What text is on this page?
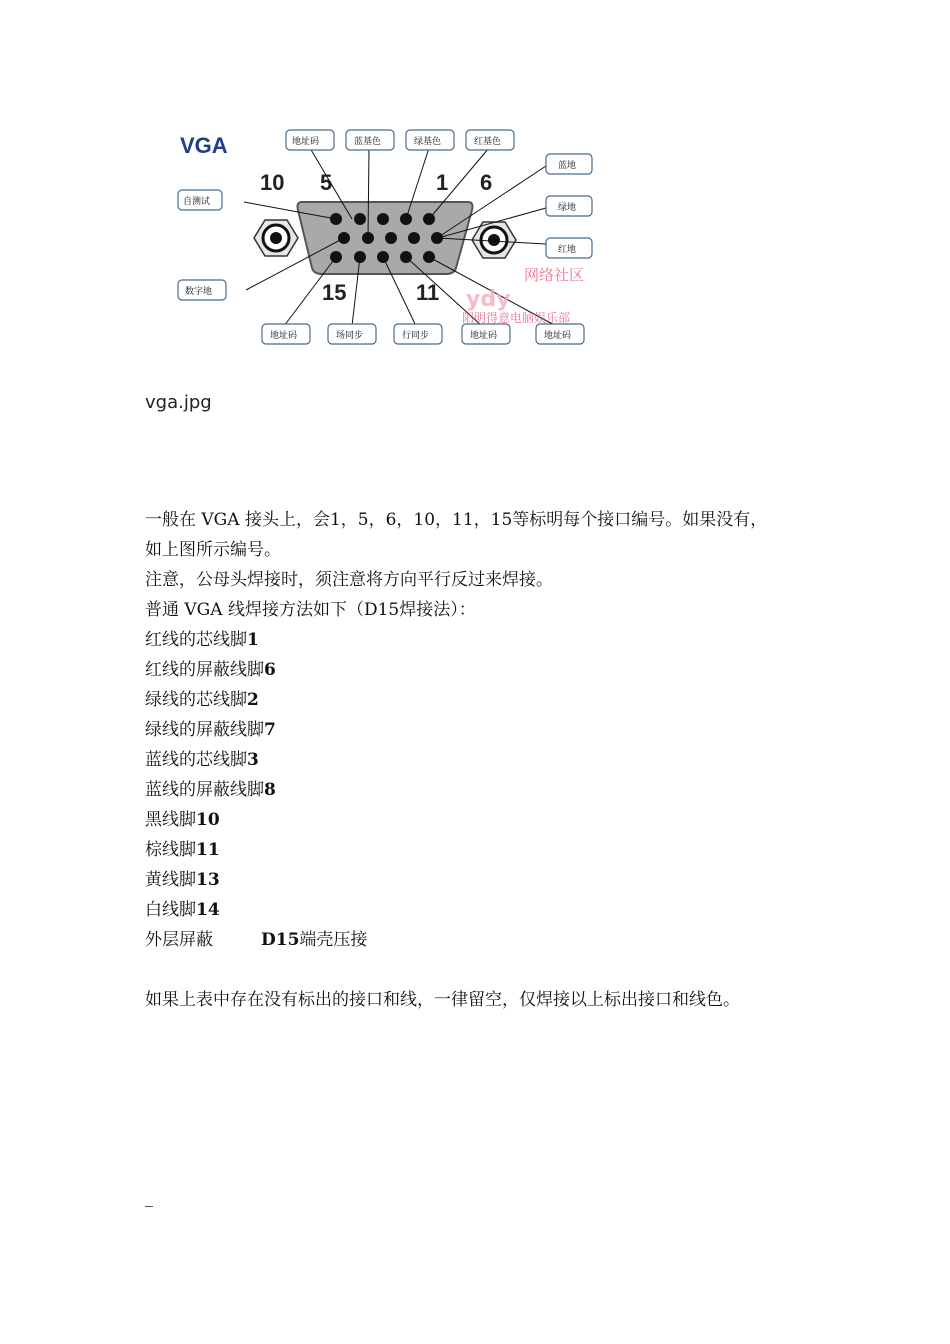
VGA
10 5	1 6
15	11
地址码	蓝基色	绿基色	红基色
蓝地
绿地
红地
自测试
数字地
地址码	场同步	行同步	地址码	地址码
网络社区
ydy
阳明得意电脑娱乐部
vga.jpg

一般在 VGA 接头上，会1，5，6，10，11，15等标明每个接口编号。如果没有，

如上图所示编号。

注意，公母头焊接时，须注意将方向平行反过来焊接。

普通 VGA 线焊接方法如下（D15焊接法）：

红线的芯线脚1

红线的屏蔽线脚6

绿线的芯线脚2

绿线的屏蔽线脚7

蓝线的芯线脚3

蓝线的屏蔽线脚8

黑线脚10

棕线脚11

黄线脚13

白线脚14

外层屏蔽	D15端壳压接

如果上表中存在没有标出的接口和线，一律留空，仅焊接以上标出接口和线色。
